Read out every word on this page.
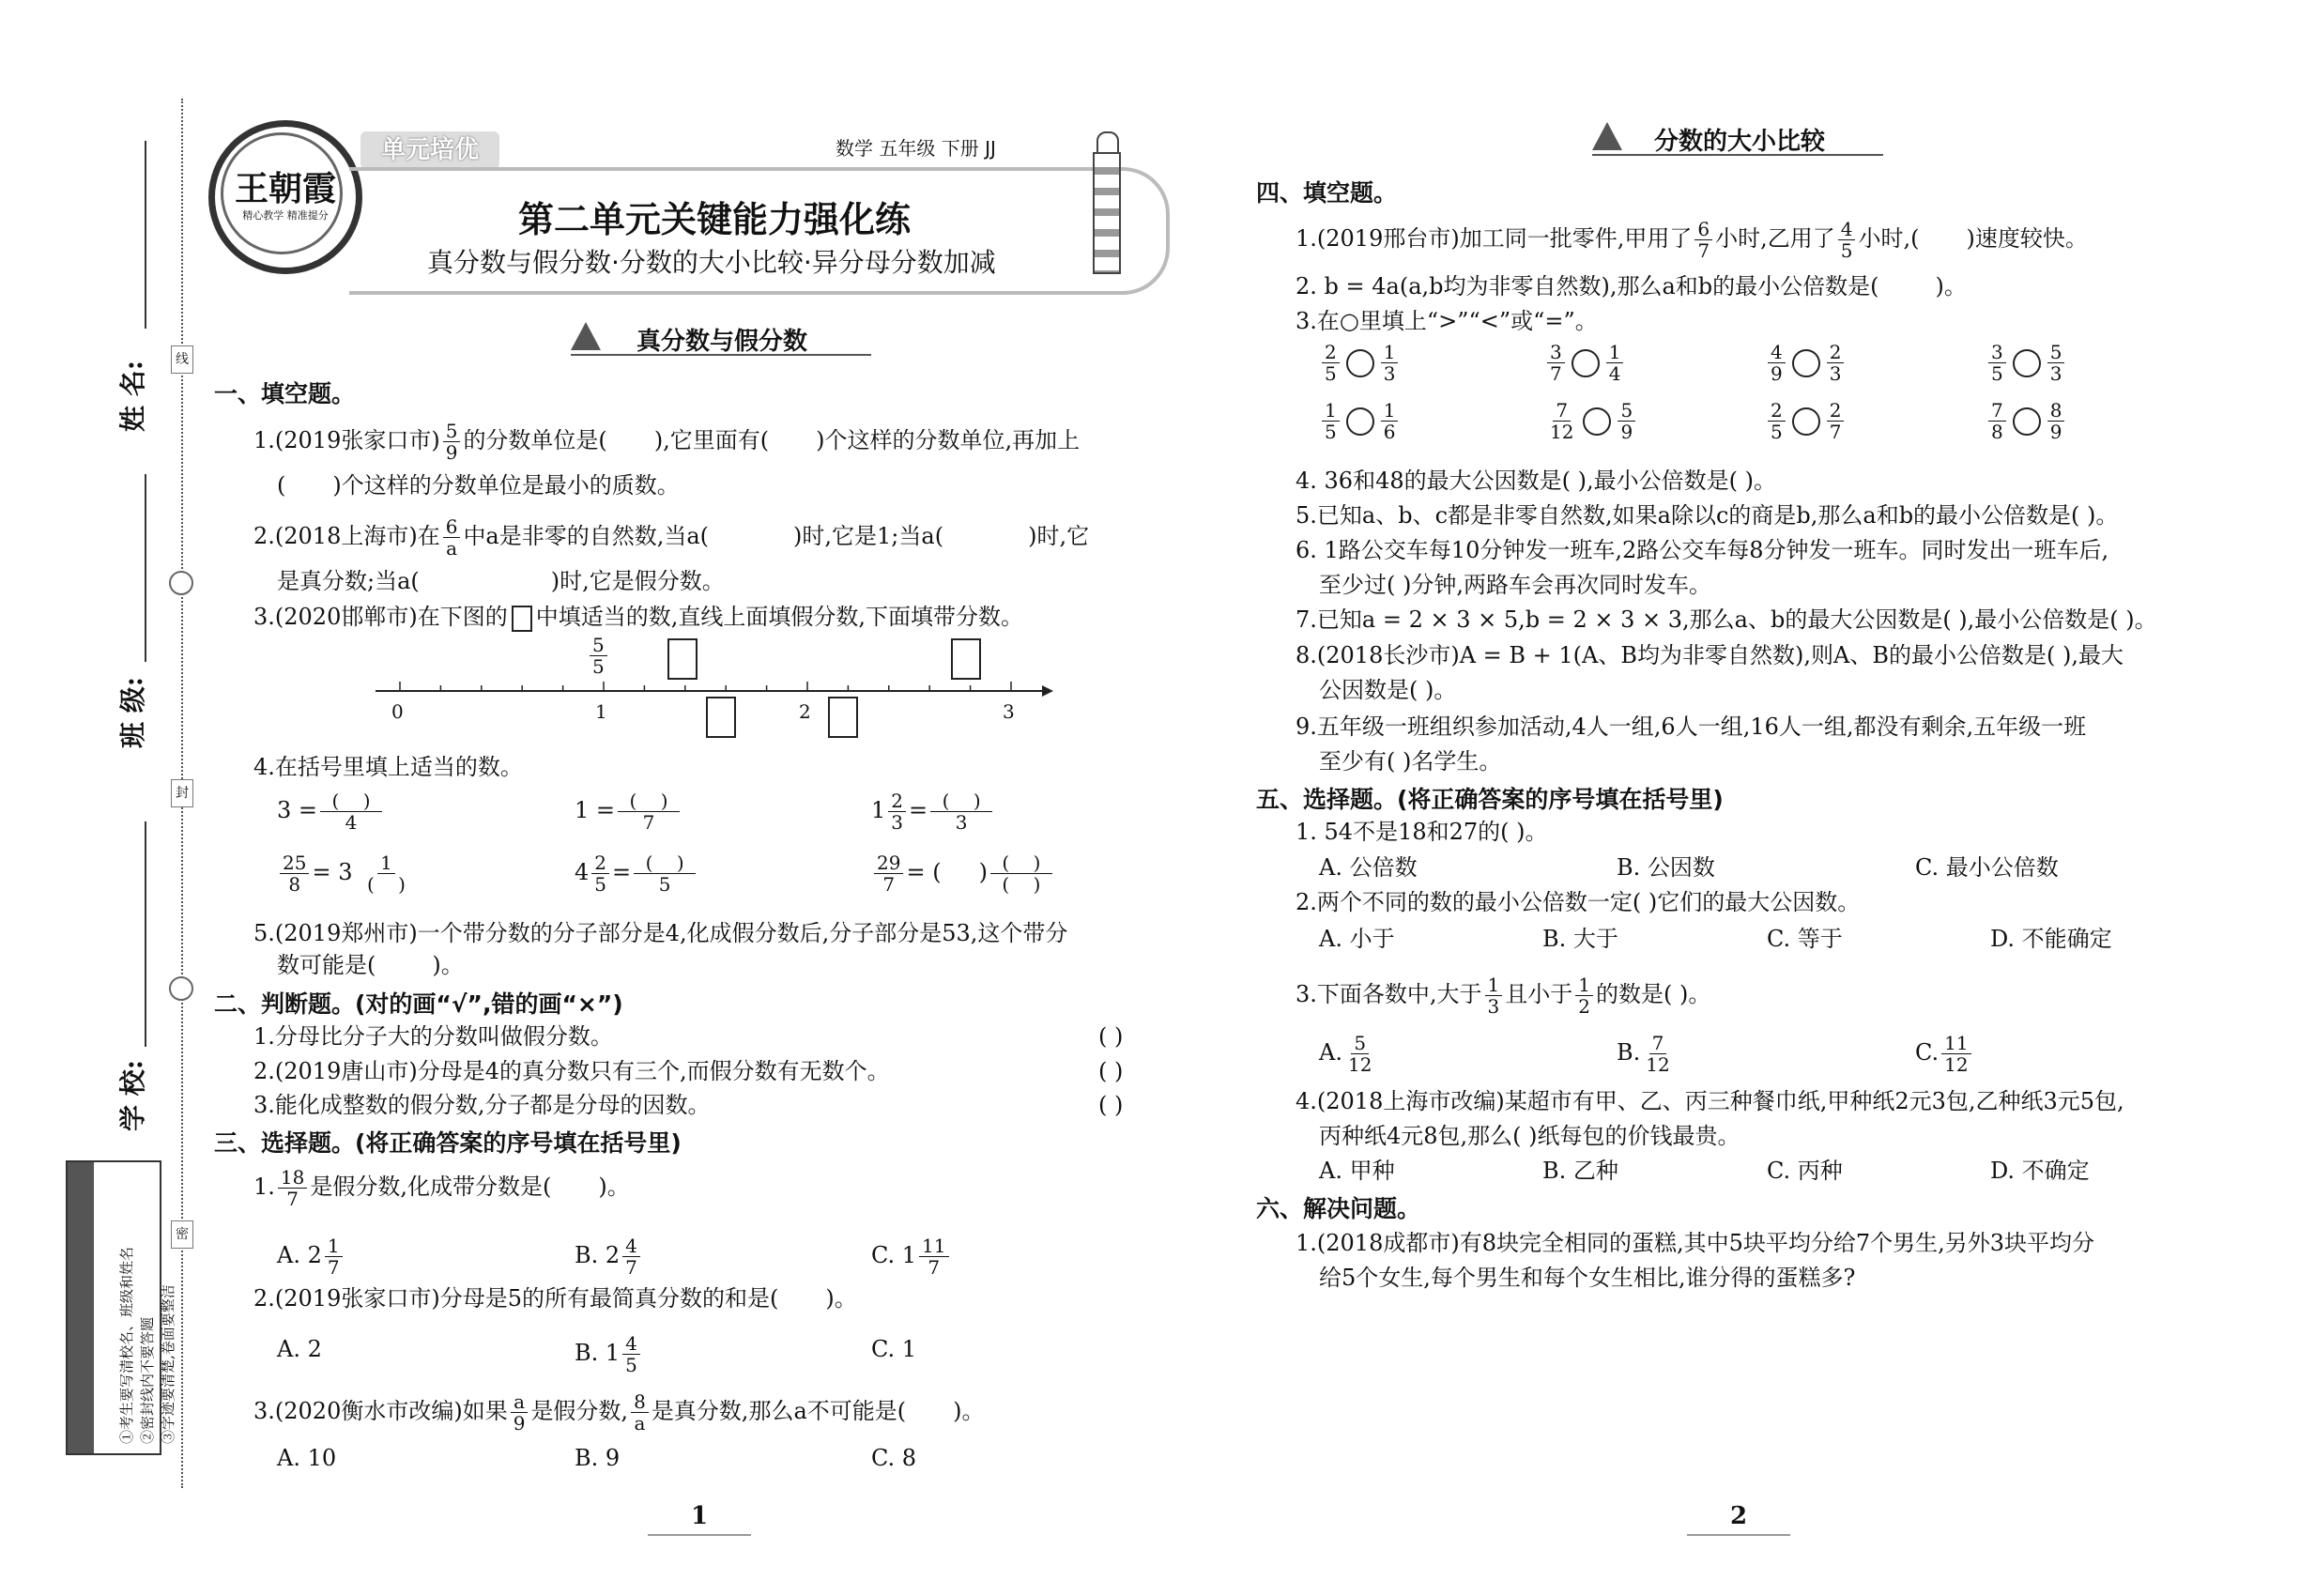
线
封
密
姓 名:
班 级:
学 校:
注意事项 ①考生要写清校名、班级和姓名 ②密封线内不要答题 ③字迹要清楚,卷面要整洁
王朝霞
精心教学 精准提分
单元培优	数学 五年级 下册 JJ
第二单元关键能力强化练
真分数与假分数·分数的大小比较·异分母分数加减
真分数与假分数
一、填空题。
1.(2019张家口市) $\frac{5}{9}$ 的分数单位是( ),它里面有( )个这样的分数单位,再加上
( )个这样的分数单位是最小的质数。
2.(2018上海市)在 $\frac{6}{a}$ 中a是非零的自然数,当a(	)时,它是1;当a(	)时,它
是真分数;当a(	)时,它是假分数。
3.(2020邯郸市)在下图的 中填适当的数,直线上面填假分数,下面填带分数。
$\frac{5}{5}$
0	1	2	3
4.在括号里填上适当的数。
$3 = \frac{( )}{4}$	$1 = \frac{( )}{7}$	$1 \frac{2}{3} = \frac{( )}{3}$
$\frac{25}{8} = 3 \frac{1}{( )}$	$4 \frac{2}{5} = \frac{( )}{5}$	$\frac{29}{7}$ = ( ) $\frac{( )}{( )}$
5.(2019郑州市)一个带分数的分子部分是4,化成假分数后,分子部分是53,这个带分
数可能是(	)。
二、判断题。(对的画“√”,错的画“×”)
1.分母比分子大的分数叫做假分数。
2.(2019唐山市)分母是4的真分数只有三个,而假分数有无数个。
3.能化成整数的假分数,分子都是分母的因数。
( )
( )
( )
三、选择题。(将正确答案的序号填在括号里)
1. $\frac{18}{7}$ 是假分数,化成带分数是( )。
A. $2 \frac{1}{7}$	B. $2 \frac{4}{7}$	C. $1 \frac{11}{7}$
2.(2019张家口市)分母是5的所有最简真分数的和是( )。
A. 2	B. $1 \frac{4}{5}$	C. 1
3.(2020衡水市改编)如果 $\frac{a}{9}$ 是假分数, $\frac{8}{a}$ 是真分数,那么a不可能是( )。
A. 10	B. 9	C. 8
1
分数的大小比较
四、填空题。
1.(2019邢台市)加工同一批零件,甲用了 $\frac{6}{7}$ 小时,乙用了 $\frac{4}{5}$ 小时,( )速度较快。
2. b = 4a(a,b均为非零自然数),那么a和b的最小公倍数是(	)。
3.在○里填上“>”“<”或“=”。
$\frac{2}{5} \frac{1}{3}$	$\frac{3}{7} \frac{1}{4}$	$\frac{4}{9} \frac{2}{3}$	$\frac{3}{5} \frac{5}{3}$
$\frac{1}{5} \frac{1}{6}$	$\frac{7}{12} \frac{5}{9}$	$\frac{2}{5} \frac{2}{7}$	$\frac{7}{8} \frac{8}{9}$
4. 36和48的最大公因数是( ),最小公倍数是( )。
5.已知a、b、c都是非零自然数,如果a除以c的商是b,那么a和b的最小公倍数是( )。
6. 1路公交车每10分钟发一班车,2路公交车每8分钟发一班车。同时发出一班车后,
至少过( )分钟,两路车会再次同时发车。
7.已知a = 2 × 3 × 5,b = 2 × 3 × 3,那么a、b的最大公因数是( ),最小公倍数是( )。
8.(2018长沙市)A = B + 1(A、B均为非零自然数),则A、B的最小公倍数是( ),最大
公因数是( )。
9.五年级一班组织参加活动,4人一组,6人一组,16人一组,都没有剩余,五年级一班
至少有( )名学生。
五、选择题。(将正确答案的序号填在括号里)
1. 54不是18和27的( )。
A. 公倍数	B. 公因数	C. 最小公倍数
2.两个不同的数的最小公倍数一定( )它们的最大公因数。
A. 小于	B. 大于	C. 等于	D. 不能确定
3.下面各数中,大于 $\frac{1}{3}$ 且小于 $\frac{1}{2}$ 的数是( )。
A. $\frac{5}{12}$	B. $\frac{7}{12}$	C. $\frac{11}{12}$
4.(2018上海市改编)某超市有甲、乙、丙三种餐巾纸,甲种纸2元3包,乙种纸3元5包,
丙种纸4元8包,那么( )纸每包的价钱最贵。
A. 甲种	B. 乙种	C. 丙种	D. 不确定
六、解决问题。
1.(2018成都市)有8块完全相同的蛋糕,其中5块平均分给7个男生,另外3块平均分
给5个女生,每个男生和每个女生相比,谁分得的蛋糕多?
2
